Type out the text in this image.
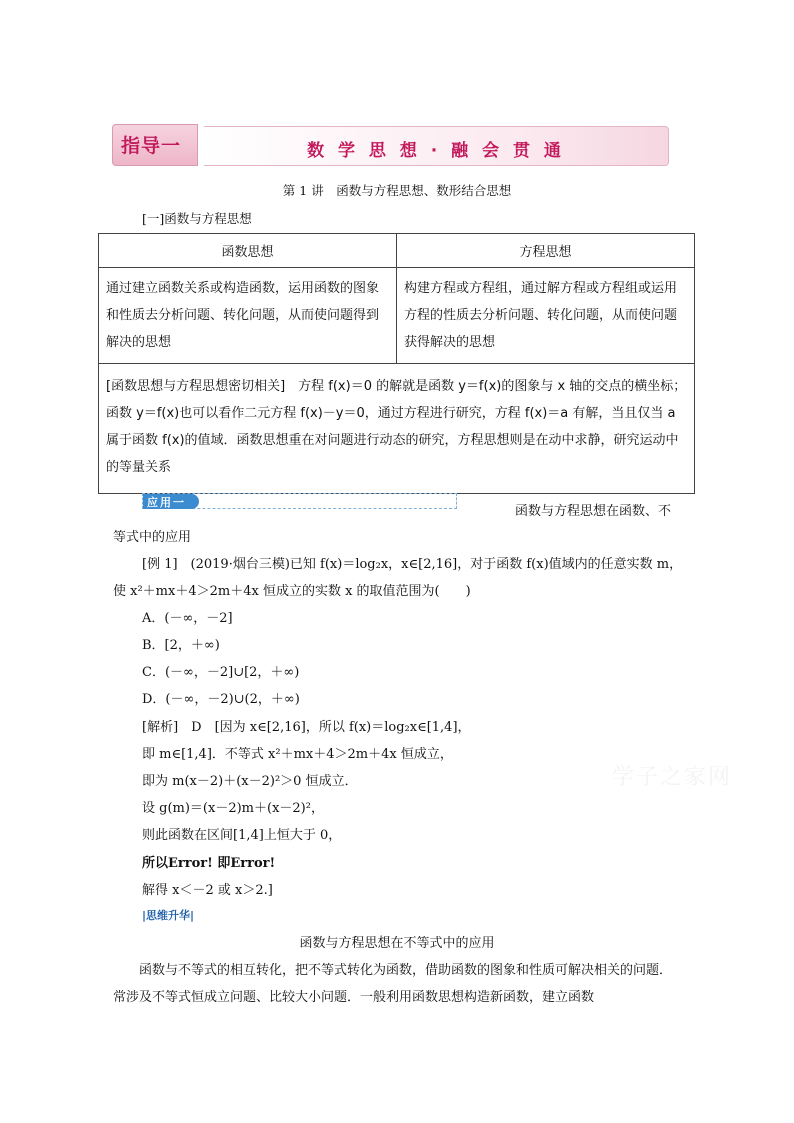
指导一	数 学 思 想 · 融 会 贯 通
第 1 讲　函数与方程思想、数形结合思想
[一]函数与方程思想
函数思想	方程思想

通过建立函数关系或构造函数，运用函数的图象和性质去分析问题、转化问题，从而使问题得到解决的思想	构建方程或方程组，通过解方程或方程组或运用方程的性质去分析问题、转化问题，从而使问题获得解决的思想

[函数思想与方程思想密切相关]　方程 f(x)＝0 的解就是函数 y＝f(x)的图象与 x 轴的交点的横坐标；函数 y＝f(x)也可以看作二元方程 f(x)－y＝0，通过方程进行研究，方程 f(x)＝a 有解，当且仅当 a 属于函数 f(x)的值域．函数思想重在对问题进行动态的研究，方程思想则是在动中求静，研究运动中的等量关系	
应用一
函数与方程思想在函数、不
等式中的应用
[例 1]　(2019·烟台三模)已知 f(x)＝log₂x，x∈[2,16]，对于函数 f(x)值域内的任意实数 m，
使 x²＋mx＋4＞2m＋4x 恒成立的实数 x 的取值范围为(　　)
A．(－∞，－2]
B．[2，＋∞)
C．(－∞，－2]∪[2，＋∞)
D．(－∞，－2)∪(2，＋∞)
[解析]　D　[因为 x∈[2,16]，所以 f(x)＝log₂x∈[1,4]，
即 m∈[1,4]．不等式 x²＋mx＋4＞2m＋4x 恒成立，
即为 m(x－2)＋(x－2)²＞0 恒成立．
设 g(m)＝(x－2)m＋(x－2)²，
则此函数在区间[1,4]上恒大于 0，
所以Error! 即Error!
解得 x＜－2 或 x＞2.]
学子之家网
|思维升华|
函数与方程思想在不等式中的应用
函数与不等式的相互转化，把不等式转化为函数，借助函数的图象和性质可解决相关的问题．常涉及不等式恒成立问题、比较大小问题．一般利用函数思想构造新函数，建立函数
